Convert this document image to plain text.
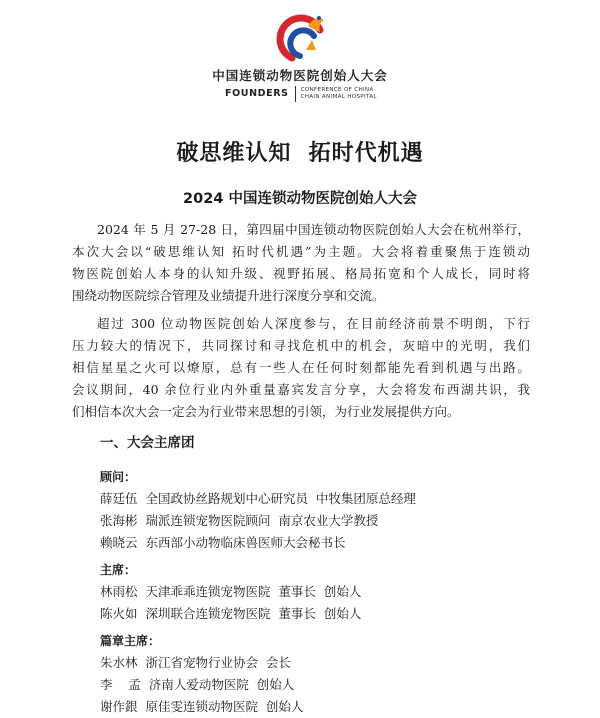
中国连锁动物医院创始人大会
FOUNDERS	CONFERENCE OF CHINA
CHAIN ANIMAL HOSPITAL
破思维认知  拓时代机遇
2024 中国连锁动物医院创始人大会
2024 年 5 月 27-28 日，第四届中国连锁动物医院创始人大会在杭州举行，
本次大会以“破思维认知 拓时代机遇”为主题。大会将着重聚焦于连锁动
物医院创始人本身的认知升级、视野拓展、格局拓宽和个人成长，同时将
围绕动物医院综合管理及业绩提升进行深度分享和交流。
超过 300 位动物医院创始人深度参与，在目前经济前景不明朗，下行
压力较大的情况下，共同探讨和寻找危机中的机会，灰暗中的光明，我们
相信星星之火可以燎原，总有一些人在任何时刻都能先看到机遇与出路。
会议期间，40 余位行业内外重量嘉宾发言分享，大会将发布西湖共识，我
们相信本次大会一定会为行业带来思想的引领，为行业发展提供方向。
一、大会主席团
顾问：
薛廷伍  全国政协丝路规划中心研究员  中牧集团原总经理
张海彬  瑞派连锁宠物医院顾问  南京农业大学教授
赖晓云  东西部小动物临床兽医师大会秘书长
主席：
林雨松  天津乖乖连锁宠物医院  董事长  创始人
陈火如  深圳联合连锁宠物医院  董事长  创始人
篇章主席：
朱水林  浙江省宠物行业协会  会长
李    孟  济南人爱动物医院  创始人
谢作銀  原佳雯连锁动物医院  创始人
